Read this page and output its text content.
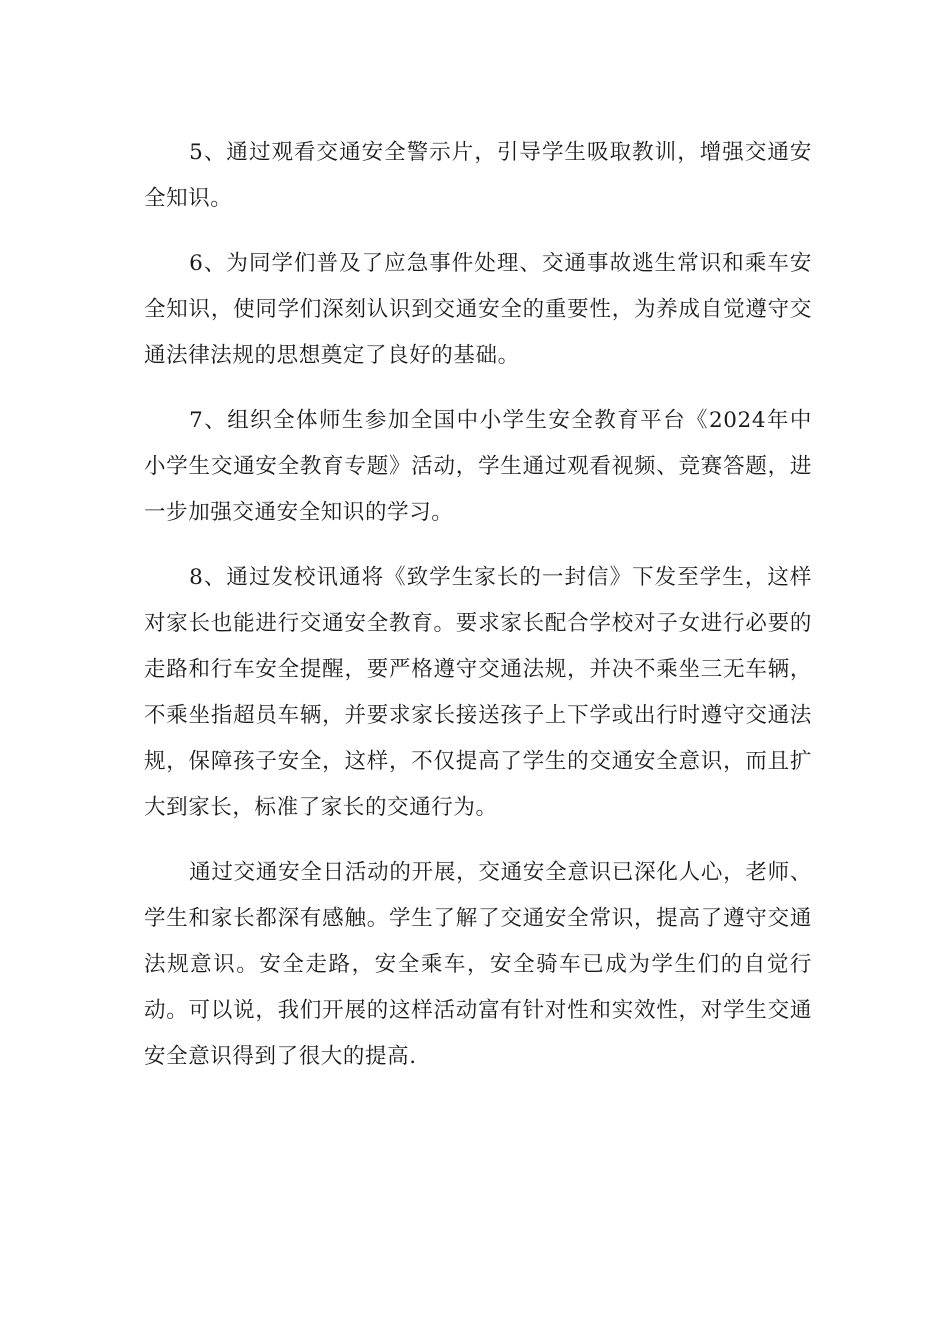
5、通过观看交通安全警示片，引导学生吸取教训，增强交通安全知识。

6、为同学们普及了应急事件处理、交通事故逃生常识和乘车安全知识，使同学们深刻认识到交通安全的重要性，为养成自觉遵守交通法律法规的思想奠定了良好的基础。

7、组织全体师生参加全国中小学生安全教育平台《2024年中小学生交通安全教育专题》活动，学生通过观看视频、竞赛答题，进一步加强交通安全知识的学习。

8、通过发校讯通将《致学生家长的一封信》下发至学生，这样对家长也能进行交通安全教育。要求家长配合学校对子女进行必要的走路和行车安全提醒，要严格遵守交通法规，并决不乘坐三无车辆，不乘坐指超员车辆，并要求家长接送孩子上下学或出行时遵守交通法规，保障孩子安全，这样，不仅提高了学生的交通安全意识，而且扩大到家长，标准了家长的交通行为。

通过交通安全日活动的开展，交通安全意识已深化人心，老师、学生和家长都深有感触。学生了解了交通安全常识，提高了遵守交通法规意识。安全走路，安全乘车，安全骑车已成为学生们的自觉行动。可以说，我们开展的这样活动富有针对性和实效性，对学生交通安全意识得到了很大的提高.
